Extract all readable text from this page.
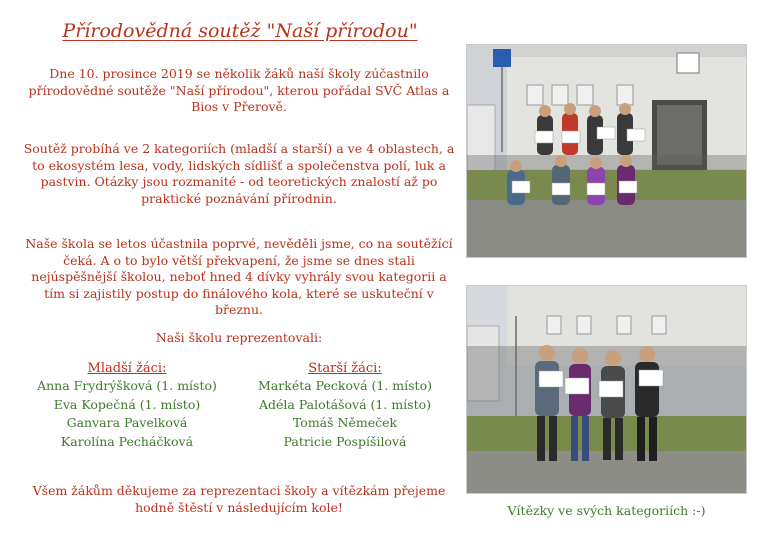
Přírodovědná soutěž "Naší přírodou"

Dne 10. prosince 2019 se několik žáků naší školy zúčastnilo přírodovědné soutěže "Naší přírodou", kterou pořádal SVČ Atlas a Bios v Přerově.

Soutěž probíhá ve 2 kategoriích (mladší a starší) a ve 4 oblastech, a to ekosystém lesa, vody, lidských sídlišť a společenstva polí, luk a pastvin. Otázky jsou rozmanité - od teoretických znalostí až po praktické poznávání přírodnin.

Naše škola se letos účastnila poprvé, nevěděli jsme, co na soutěžící čeká. A o to bylo větší překvapení, že jsme se dnes stali nejúspěšnější školou, neboť hned 4 dívky vyhrály svou kategorii a tím si zajistily postup do finálového kola, které se uskuteční v březnu.

Naši školu reprezentovali:

Mladší žáci:
Anna Frydrýšková (1. místo)
Eva Kopečná (1. místo)
Ganvara Pavelková
Karolína Pecháčková
Starší žáci:
Markéta Pecková (1. místo)
Adéla Palotášová (1. místo)
Tomáš Němeček
Patricie Pospíšilová

Všem žákům děkujeme za reprezentaci školy a vítězkám přejeme hodně štěstí v následujícím kole!	Vítězky ve svých kategoriích :-)
